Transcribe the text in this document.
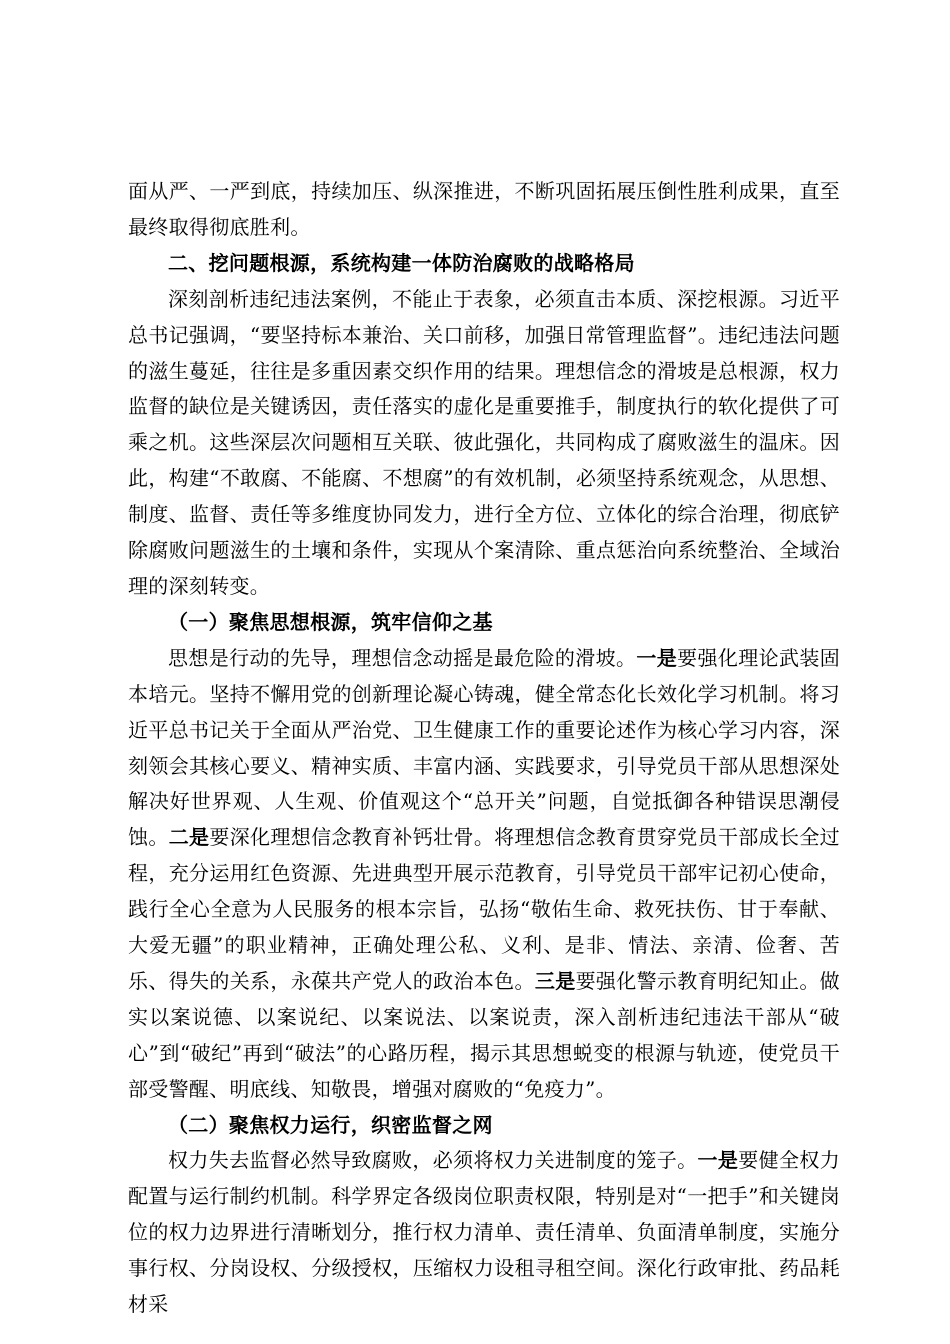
面从严、一严到底，持续加压、纵深推进，不断巩固拓展压倒性胜利成果，直至最终取得彻底胜利。

二、挖问题根源，系统构建一体防治腐败的战略格局

深刻剖析违纪违法案例，不能止于表象，必须直击本质、深挖根源。习近平总书记强调，“要坚持标本兼治、关口前移，加强日常管理监督”。违纪违法问题的滋生蔓延，往往是多重因素交织作用的结果。理想信念的滑坡是总根源，权力监督的缺位是关键诱因，责任落实的虚化是重要推手，制度执行的软化提供了可乘之机。这些深层次问题相互关联、彼此强化，共同构成了腐败滋生的温床。因此，构建“不敢腐、不能腐、不想腐”的有效机制，必须坚持系统观念，从思想、制度、监督、责任等多维度协同发力，进行全方位、立体化的综合治理，彻底铲除腐败问题滋生的土壤和条件，实现从个案清除、重点惩治向系统整治、全域治理的深刻转变。

（一）聚焦思想根源，筑牢信仰之基

思想是行动的先导，理想信念动摇是最危险的滑坡。一是要强化理论武装固本培元。坚持不懈用党的创新理论凝心铸魂，健全常态化长效化学习机制。将习近平总书记关于全面从严治党、卫生健康工作的重要论述作为核心学习内容，深刻领会其核心要义、精神实质、丰富内涵、实践要求，引导党员干部从思想深处解决好世界观、人生观、价值观这个“总开关”问题，自觉抵御各种错误思潮侵蚀。二是要深化理想信念教育补钙壮骨。将理想信念教育贯穿党员干部成长全过程，充分运用红色资源、先进典型开展示范教育，引导党员干部牢记初心使命，践行全心全意为人民服务的根本宗旨，弘扬“敬佑生命、救死扶伤、甘于奉献、大爱无疆”的职业精神，正确处理公私、义利、是非、情法、亲清、俭奢、苦乐、得失的关系，永葆共产党人的政治本色。三是要强化警示教育明纪知止。做实以案说德、以案说纪、以案说法、以案说责，深入剖析违纪违法干部从“破心”到“破纪”再到“破法”的心路历程，揭示其思想蜕变的根源与轨迹，使党员干部受警醒、明底线、知敬畏，增强对腐败的“免疫力”。

（二）聚焦权力运行，织密监督之网

权力失去监督必然导致腐败，必须将权力关进制度的笼子。一是要健全权力配置与运行制约机制。科学界定各级岗位职责权限，特别是对“一把手”和关键岗位的权力边界进行清晰划分，推行权力清单、责任清单、负面清单制度，实施分事行权、分岗设权、分级授权，压缩权力设租寻租空间。深化行政审批、药品耗材采
